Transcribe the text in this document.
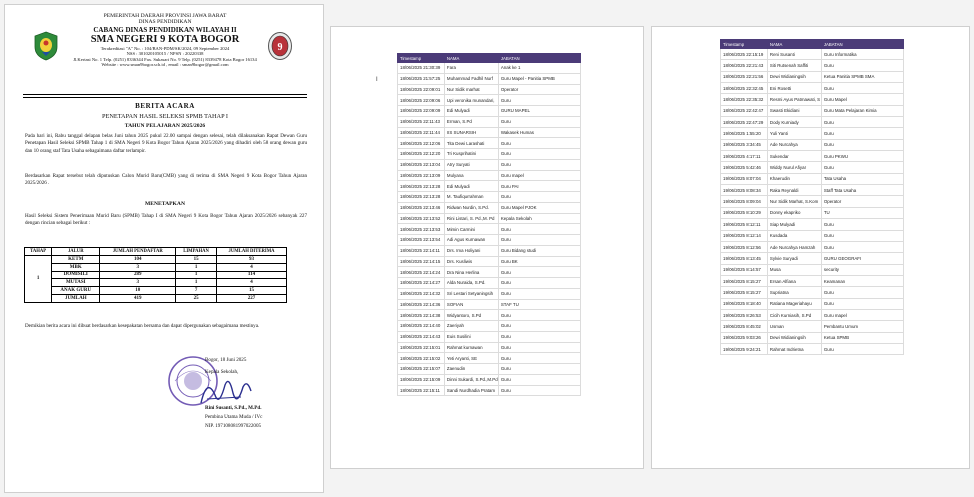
9
PEMERINTAH DAERAH PROVINSI JAWA BARAT
DINAS PENDIDIKAN
CABANG DINAS PENDIDIKAN WILAYAH II
SMA NEGERI 9 KOTA BOGOR
Terakreditasi "A" No. : 104/BAN-PDM/SK/2024, 09 September 2024
NSS : 301020105015 / NPSN : 20220338
Jl.Kertasi No. 1 Telp. (0251) 8336344 Fax. Sukasari No. 9 Telp. (0251) 8339478 Kota Bogor 16134
Website : www.sman9bogor.sch.id , email : sman9bogor@gmail.com
BERITA ACARA
PENETAPAN HASIL SELEKSI SPMB TAHAP I
TAHUN PELAJARAN 2025/2026
Pada hari ini, Rabu tanggal delapan belas Juni tahun 2025 pukul 22.00 sampai dengan selesai, telah dilaksanakan Rapat Dewan Guru Penetapan Hasil Seleksi SPMB Tahap 1 di SMA Negeri 9 Kota Bogor Tahun Ajaran 2025/2026 yang dihadiri oleh 58 orang dewan guru dan 10 orang staf Tata Usaha sebagaimana daftar terlampir.
Berdasarkan Rapat tersebut telah diputuskan Calon Murid Baru(CMB) yang di terima di SMA Negeri 9 Kota Bogor Tahun Ajaran 2025/2026 .
MENETAPKAN
Hasil Seleksi Sistem Penerimaan Murid Baru (SPMB) Tahap I di SMA Negeri 9 Kota Bogor Tahun Ajaran 2025/2026 sebanyak 227 dengan rincian sebagai berikut :
TAHAP	JALUR	JUMLAH PENDAFTAR	LIMPAHAN	JUMLAH DITERIMA
1	KETM	104	15	93
	MBK	3	1	4
	DOMISILI	289	1	114
	MUTASI	3	1	4
	ANAK GURU	10	7	15
	JUMLAH	419	25	227
Demikian berita acara ini dibuat berdasarkan kesepakatan bersama dan dapat dipergunakan sebagaimana mestinya.
Bogor, 18 Juni 2025
Kepala Sekolah,
Rini Susanti, S.Pd., M.Pd.
Pembina Utama Muda / IVc
NIP. 197108081997022005
I
Timestamp	NAMA	JABATAN
18/06/2025 21:30:39	Fara	Anak ke 1
18/06/2025 21:57:25	Muhammad Fadhil Nurf	Guru Mapel - Panitia SPMB
18/06/2025 22:09:01	Nur Sidik marhat	Operator
18/06/2025 22:09:06	Upi veronika munandari,	Guru
18/06/2025 22:09:09	Edi Mulyadi	GURU MAPEL
18/06/2025 22:11:43	Erman, S.Pd	Guru
18/06/2025 22:11:44	IIS SUNARSIH	Wakasek Humas
18/06/2025 22:12:06	Tita Dewi Larashati	Guru
18/06/2025 22:12:20	Tri Kusprihatini	Guru
18/06/2025 22:13:04	Atry Suryati	Guru
18/06/2025 22:13:09	Mulyana	Guru mapel
18/06/2025 22:13:28	Edi Mulyadi	Guru PAI
18/06/2025 22:13:28	M. Taufiqurrahman	Guru
18/06/2025 22:13:46	Ridwan Nurdin, S.Pd.	Guru Mapel PJOK
18/06/2025 22:13:52	Rini Listari, S. Pd.,M. Pd	Kepala Sekolah
18/06/2025 22:13:53	Mimin Carmini	Guru
18/06/2025 22:13:54	Adi Agus Kurnawan	Guru
18/06/2025 22:14:11	Drs. Ima Holiyani	Guru Bidang studi
18/06/2025 22:14:15	Drs. Kusliwis	Guru BK
18/06/2025 22:14:24	Dra Nina Herlina	Guru
18/06/2025 22:14:27	Alda Nuraida, S.Pd.	Guru
18/06/2025 22:14:32	Sri Lestari Setyaningsih	Guru
18/06/2025 22:14:36	SOFIAN	STAF TU
18/06/2025 22:14:38	Widyantoro, S.Pd	Guru
18/06/2025 22:14:40	Zaeriyah	Guru
18/06/2025 22:14:43	Euis Susilini	Guru
18/06/2025 22:15:01	Rahmat kurnawan	Guru
18/06/2025 22:15:02	Yeti Aryanti, SE	Guru
18/06/2025 22:15:07	Zaenudin	Guru
18/06/2025 22:15:09	Dinni Sukardi, S.Pd.,M.Pd	Guru
18/06/2025 22:15:11	Sandi Nurdhadia Pratam	Guru
Timestamp	NAMA	JABATAN
18/06/2025 22:15:19	Reni Susanti	Guru Informatika
18/06/2025 22:21:43	Siti Rutsenah Saffiti	Guru
18/06/2025 22:21:56	Dewi Widianingsih	Ketua Panitia SPMB SMA
18/06/2025 22:32:45	Eni Rosetti	Guru
18/06/2025 22:35:32	Resmi Ayus Patmawati, S	Guru Mapel
18/06/2025 22:42:47	Swasti Ekidiani	Guru Mata Pelajaran Kimia
18/06/2025 22:47:29	Dody Kurniady	Guru
19/06/2025 1:55:20	Yuli Yanti	Guru
19/06/2025 3:34:45	Ade Nurcahya	Guru
19/06/2025 4:17:11	Sukendar	Guru PKWU
19/06/2025 5:42:46	Widdy Nurul Afiyar	Guru
19/06/2025 8:07:04	Khaerudin	Tata Usaha
19/06/2025 8:08:34	Raka Reynaldi	Staff Tata Usaha
19/06/2025 8:09:04	Nur Sidik Marhat, S.Kom	Operator
19/06/2025 8:10:29	Donny ekapriko	TU
19/06/2025 8:12:11	Siap Mulyadi	Guru
19/06/2025 8:12:14	Kusdada	Guru
19/06/2025 8:12:56	Ade Nurcahya Hamzah	Guru
19/06/2025 8:13:45	Sylvie Suryadi	GURU GEOGRAFI
19/06/2025 8:14:57	Musa	security
19/06/2025 8:15:27	Ersan Alfiana	Keamanan
19/06/2025 8:15:27	Supriatna	Guru
19/06/2025 8:18:40	Ratiana Mageriahayu	Guru
19/06/2025 8:26:53	Cicih Kurniasih, S.Pd	Guru mapel
19/06/2025 8:45:02	Usman	Pembantu Umum
19/06/2025 9:03:26	Dewi Widianingsih	Ketua SPMB
19/06/2025 9:24:21	Rahmat Indrietna	Guru
